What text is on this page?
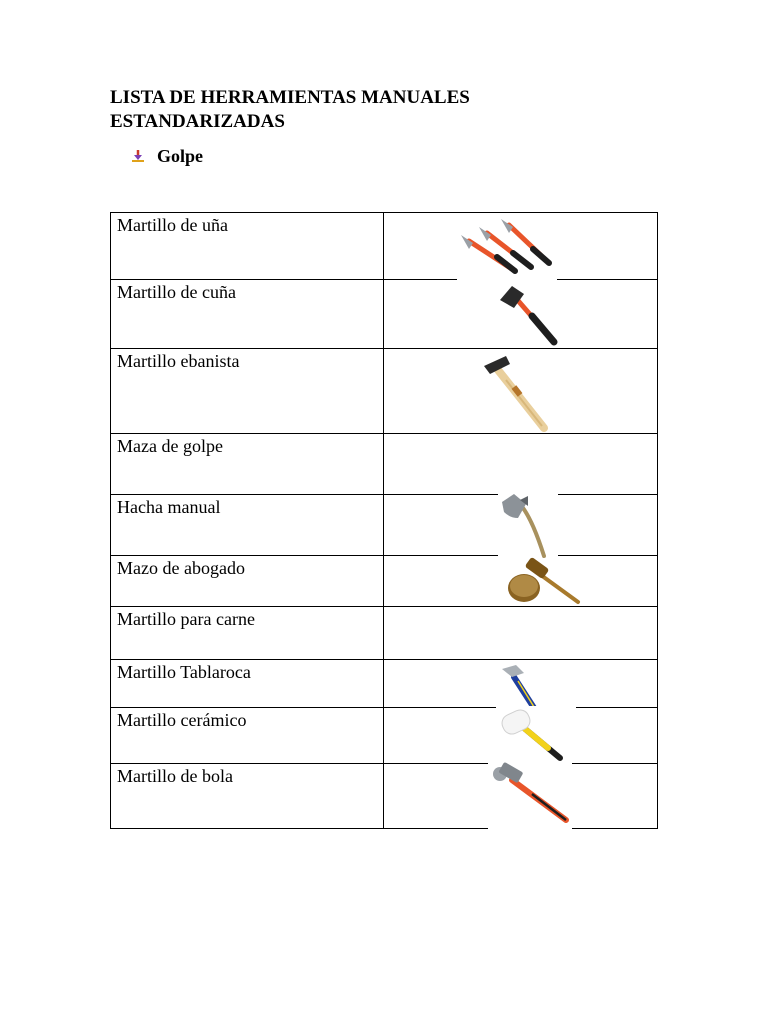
LISTA DE HERRAMIENTAS MANUALES
ESTANDARIZADAS
Golpe
Martillo de uña	

Martillo de cuña	

Martillo ebanista	

Maza de golpe	
Hacha manual	

Mazo de abogado	

Martillo para carne	
Martillo Tablaroca	

Martillo cerámico	

Martillo de bola	
